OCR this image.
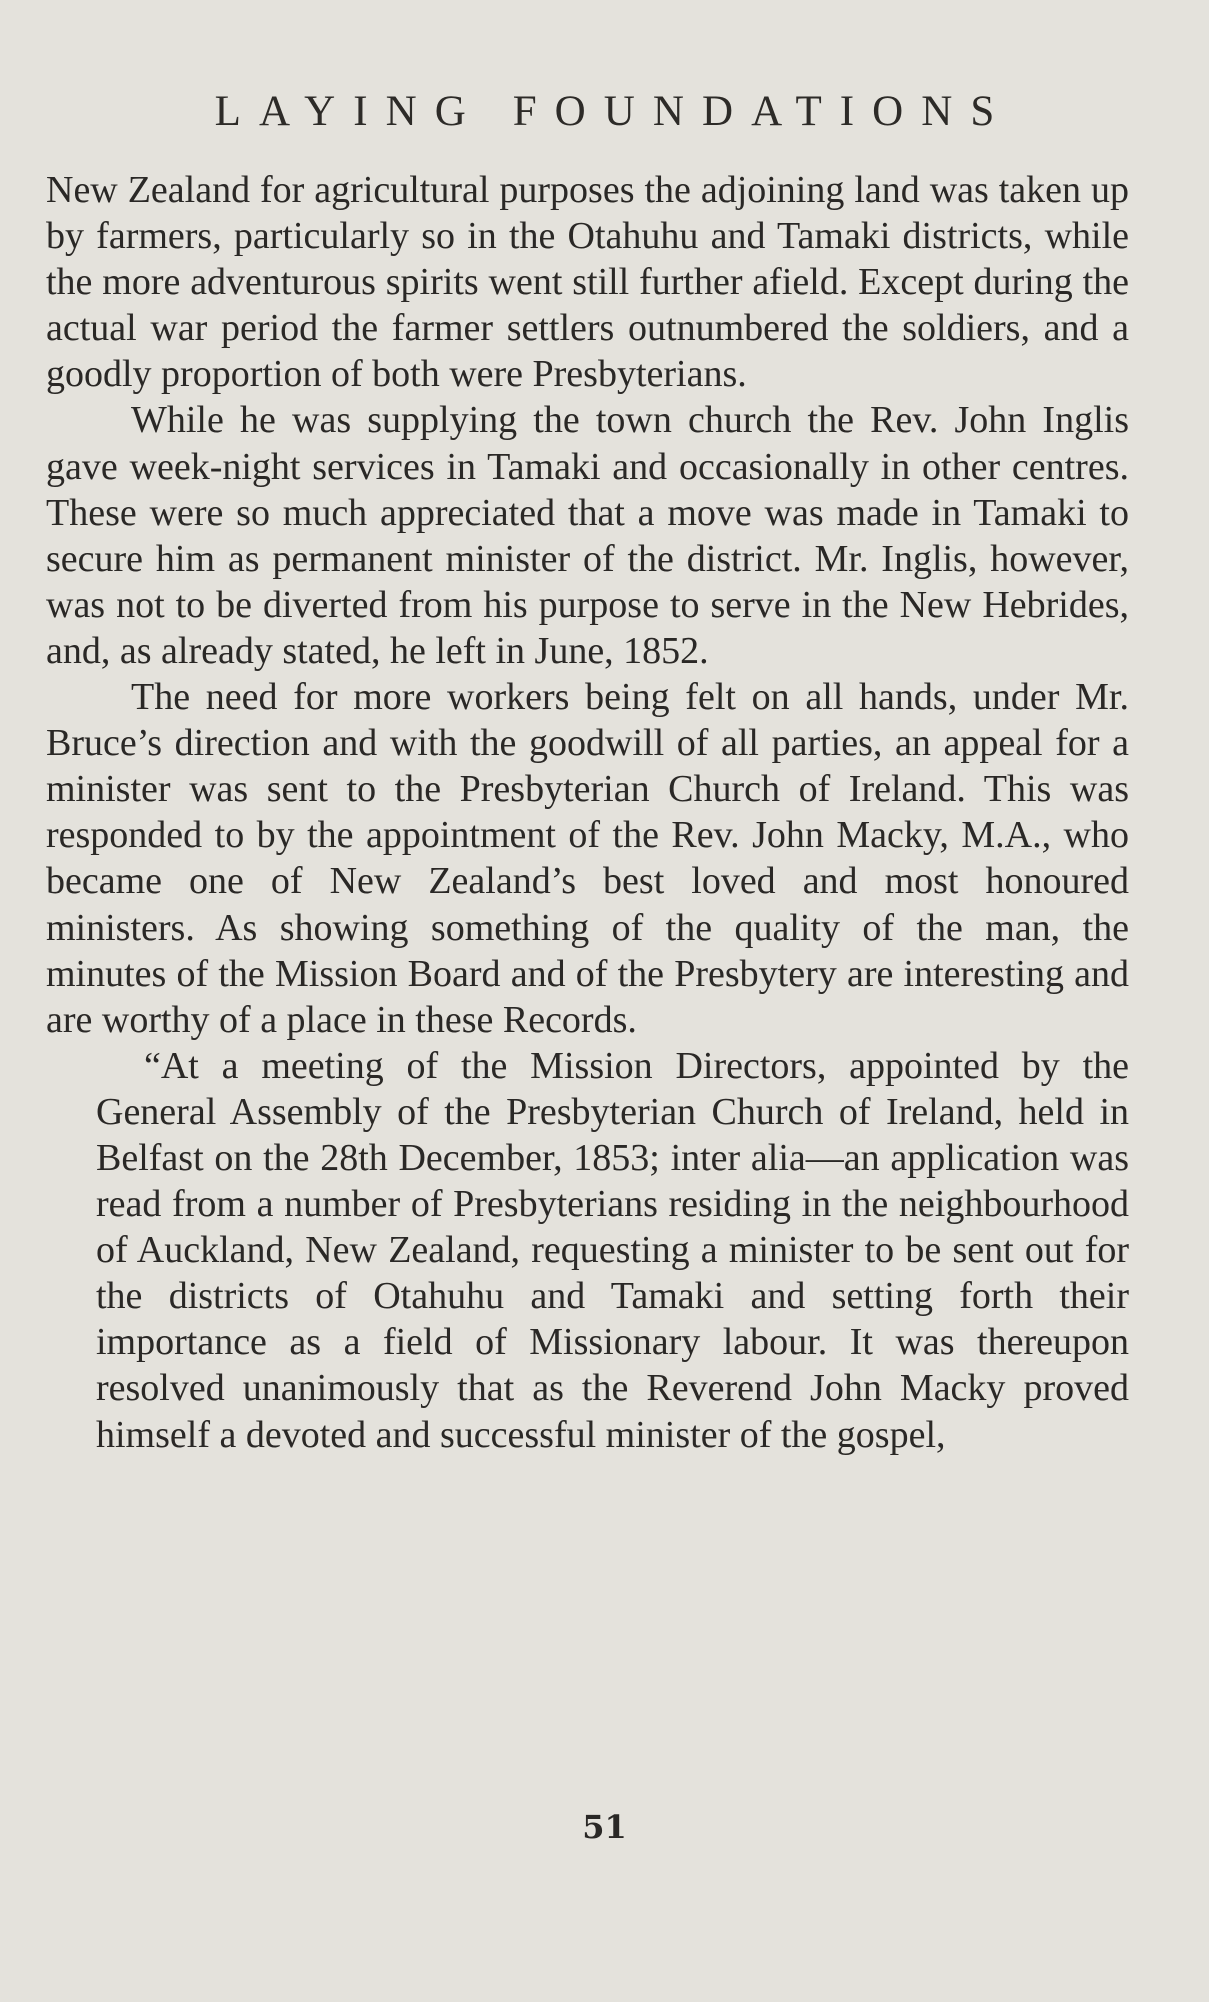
LAYING FOUNDATIONS

New Zealand for agricultural purposes the adjoining land was taken up by farmers, particularly so in the Otahuhu and Tamaki districts, while the more adventurous spirits went still further afield. Except during the actual war period the farmer settlers outnumbered the soldiers, and a goodly proportion of both were Presbyterians.

While he was supplying the town church the Rev. John Inglis gave week-night services in Tamaki and occasionally in other centres. These were so much appreciated that a move was made in Tamaki to secure him as permanent minister of the district. Mr. Inglis, however, was not to be diverted from his purpose to serve in the New Hebrides, and, as already stated, he left in June, 1852.

The need for more workers being felt on all hands, under Mr. Bruce’s direction and with the goodwill of all parties, an appeal for a minister was sent to the Presbyterian Church of Ireland. This was responded to by the appointment of the Rev. John Macky, M.A., who became one of New Zealand’s best loved and most honoured ministers. As showing something of the quality of the man, the minutes of the Mission Board and of the Presbytery are interesting and are worthy of a place in these Records.

“At a meeting of the Mission Directors, appointed by the General Assembly of the Presbyterian Church of Ireland, held in Belfast on the 28th December, 1853; inter alia—an application was read from a number of Presbyterians residing in the neighbourhood of Auckland, New Zealand, requesting a minister to be sent out for the districts of Otahuhu and Tamaki and setting forth their importance as a field of Missionary labour. It was thereupon resolved unanimously that as the Reverend John Macky proved himself a devoted and successful minister of the gospel,

51
